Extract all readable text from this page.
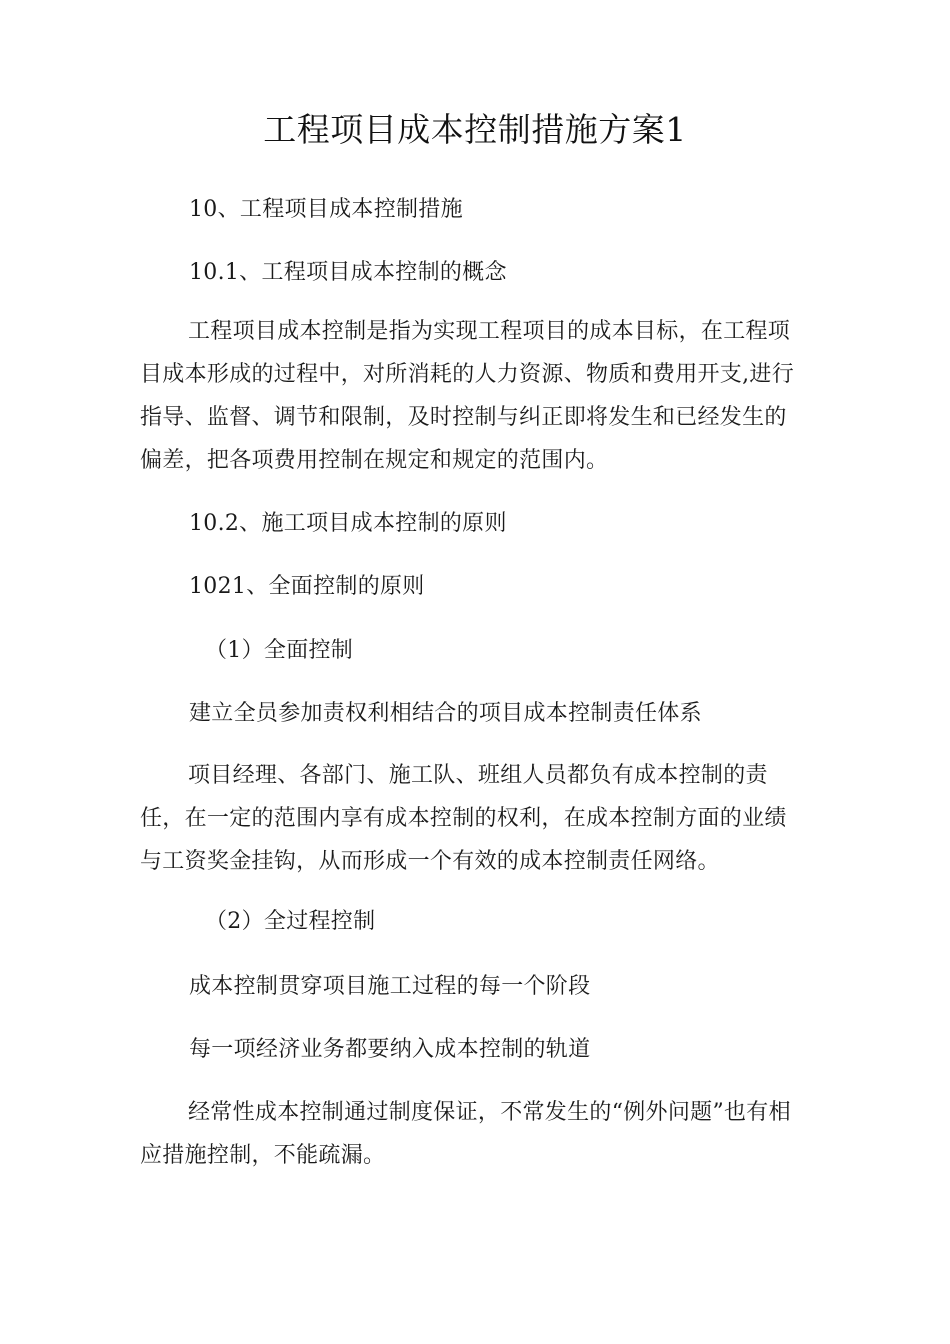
工程项目成本控制措施方案1

10、工程项目成本控制措施

10.1、工程项目成本控制的概念

工程项目成本控制是指为实现工程项目的成本目标，在工程项目成本形成的过程中，对所消耗的人力资源、物质和费用开支,进行指导、监督、调节和限制，及时控制与纠正即将发生和已经发生的偏差，把各项费用控制在规定和规定的范围内。

10.2、施工项目成本控制的原则

1021、全面控制的原则

（1）全面控制

建立全员参加责权利相结合的项目成本控制责任体系

项目经理、各部门、施工队、班组人员都负有成本控制的责任，在一定的范围内享有成本控制的权利，在成本控制方面的业绩与工资奖金挂钩，从而形成一个有效的成本控制责任网络。

（2）全过程控制

成本控制贯穿项目施工过程的每一个阶段

每一项经济业务都要纳入成本控制的轨道

经常性成本控制通过制度保证，不常发生的“例外问题”也有相应措施控制，不能疏漏。
